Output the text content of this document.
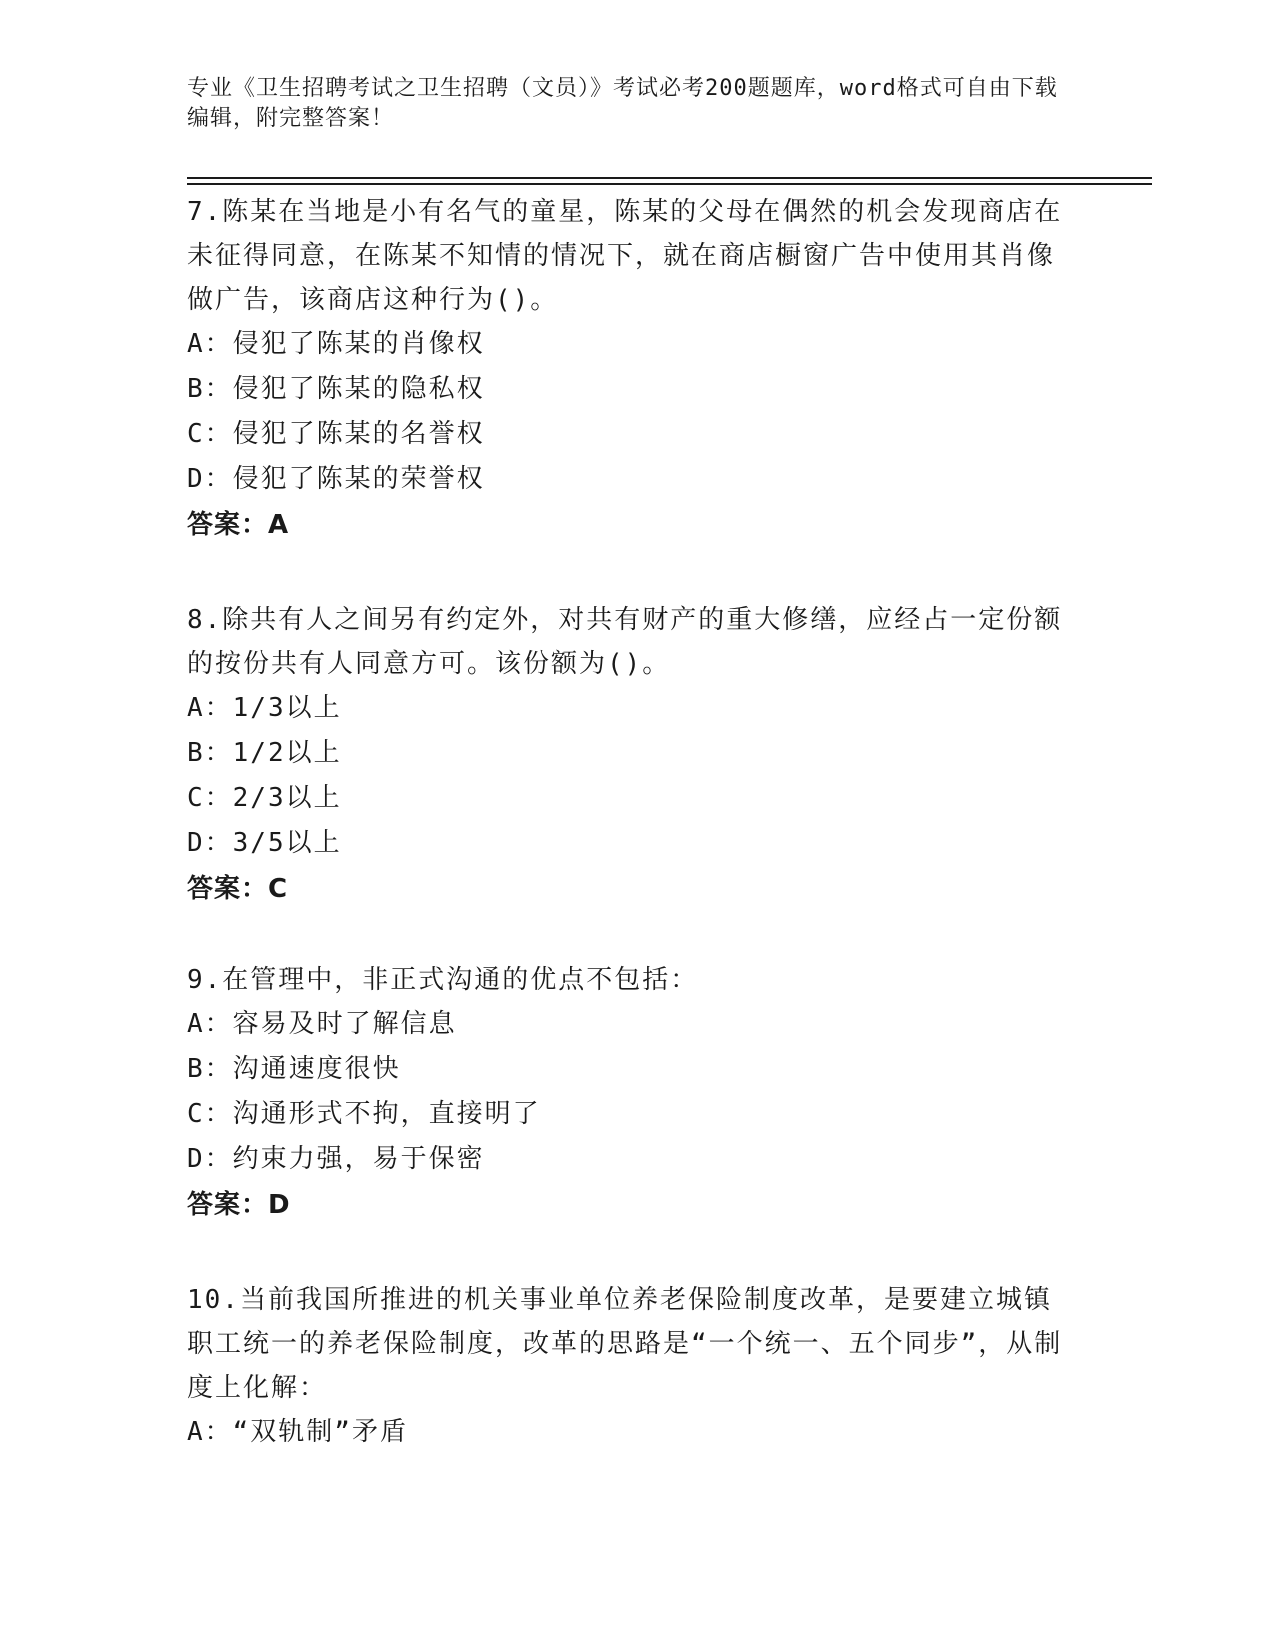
专业《卫生招聘考试之卫生招聘（文员）》考试必考200题题库，word格式可自由下载编辑，附完整答案！
7.陈某在当地是小有名气的童星，陈某的父母在偶然的机会发现商店在未征得同意，在陈某不知情的情况下，就在商店橱窗广告中使用其肖像做广告，该商店这种行为()。
A：侵犯了陈某的肖像权
B：侵犯了陈某的隐私权
C：侵犯了陈某的名誉权
D：侵犯了陈某的荣誉权
答案：A
8.除共有人之间另有约定外，对共有财产的重大修缮，应经占一定份额的按份共有人同意方可。该份额为()。
A：1/3以上
B：1/2以上
C：2/3以上
D：3/5以上
答案：C
9.在管理中，非正式沟通的优点不包括：
A：容易及时了解信息
B：沟通速度很快
C：沟通形式不拘，直接明了
D：约束力强，易于保密
答案：D
10.当前我国所推进的机关事业单位养老保险制度改革，是要建立城镇职工统一的养老保险制度，改革的思路是“一个统一、五个同步”，从制度上化解：
A：“双轨制”矛盾
